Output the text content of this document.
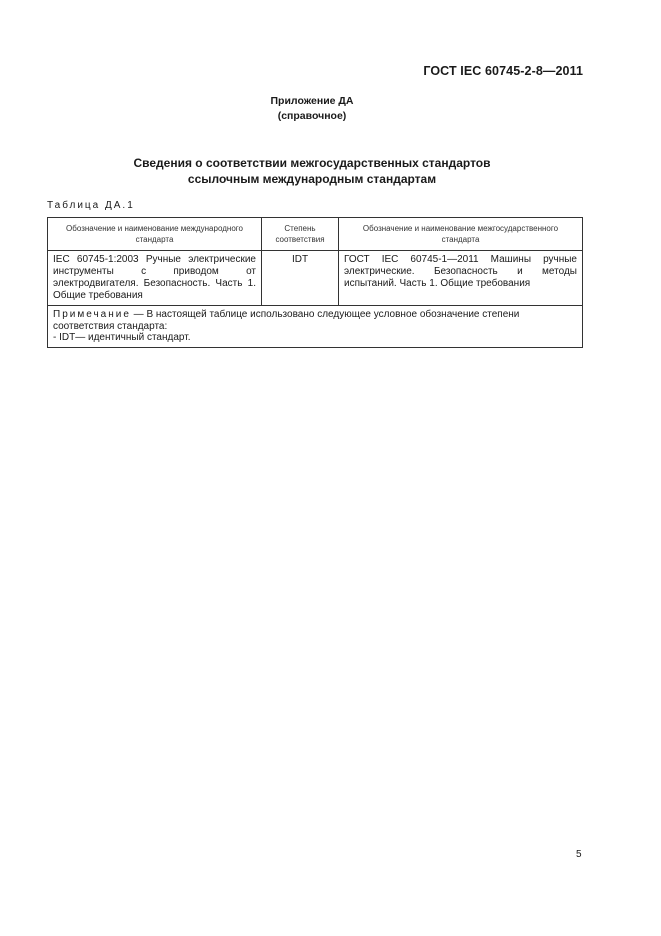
ГОСТ IEC 60745-2-8—2011
Приложение ДА
(справочное)
Сведения о соответствии межгосударственных стандартов
ссылочным международным стандартам
Таблица ДА.1
Обозначение и наименование международного стандарта	Степень соответствия	Обозначение и наименование межгосударственного стандарта
IEC 60745-1:2003 Ручные электрические инструменты с приводом от электродвигателя. Безопасность. Часть 1. Общие требования	IDT	ГОСТ IEC 60745-1—2011 Машины ручные электрические. Безопасность и методы испытаний. Часть 1. Общие требования
Примечание — В настоящей таблице использовано следующее условное обозначение степени соответствия стандарта:
- IDT— идентичный стандарт.		
5
